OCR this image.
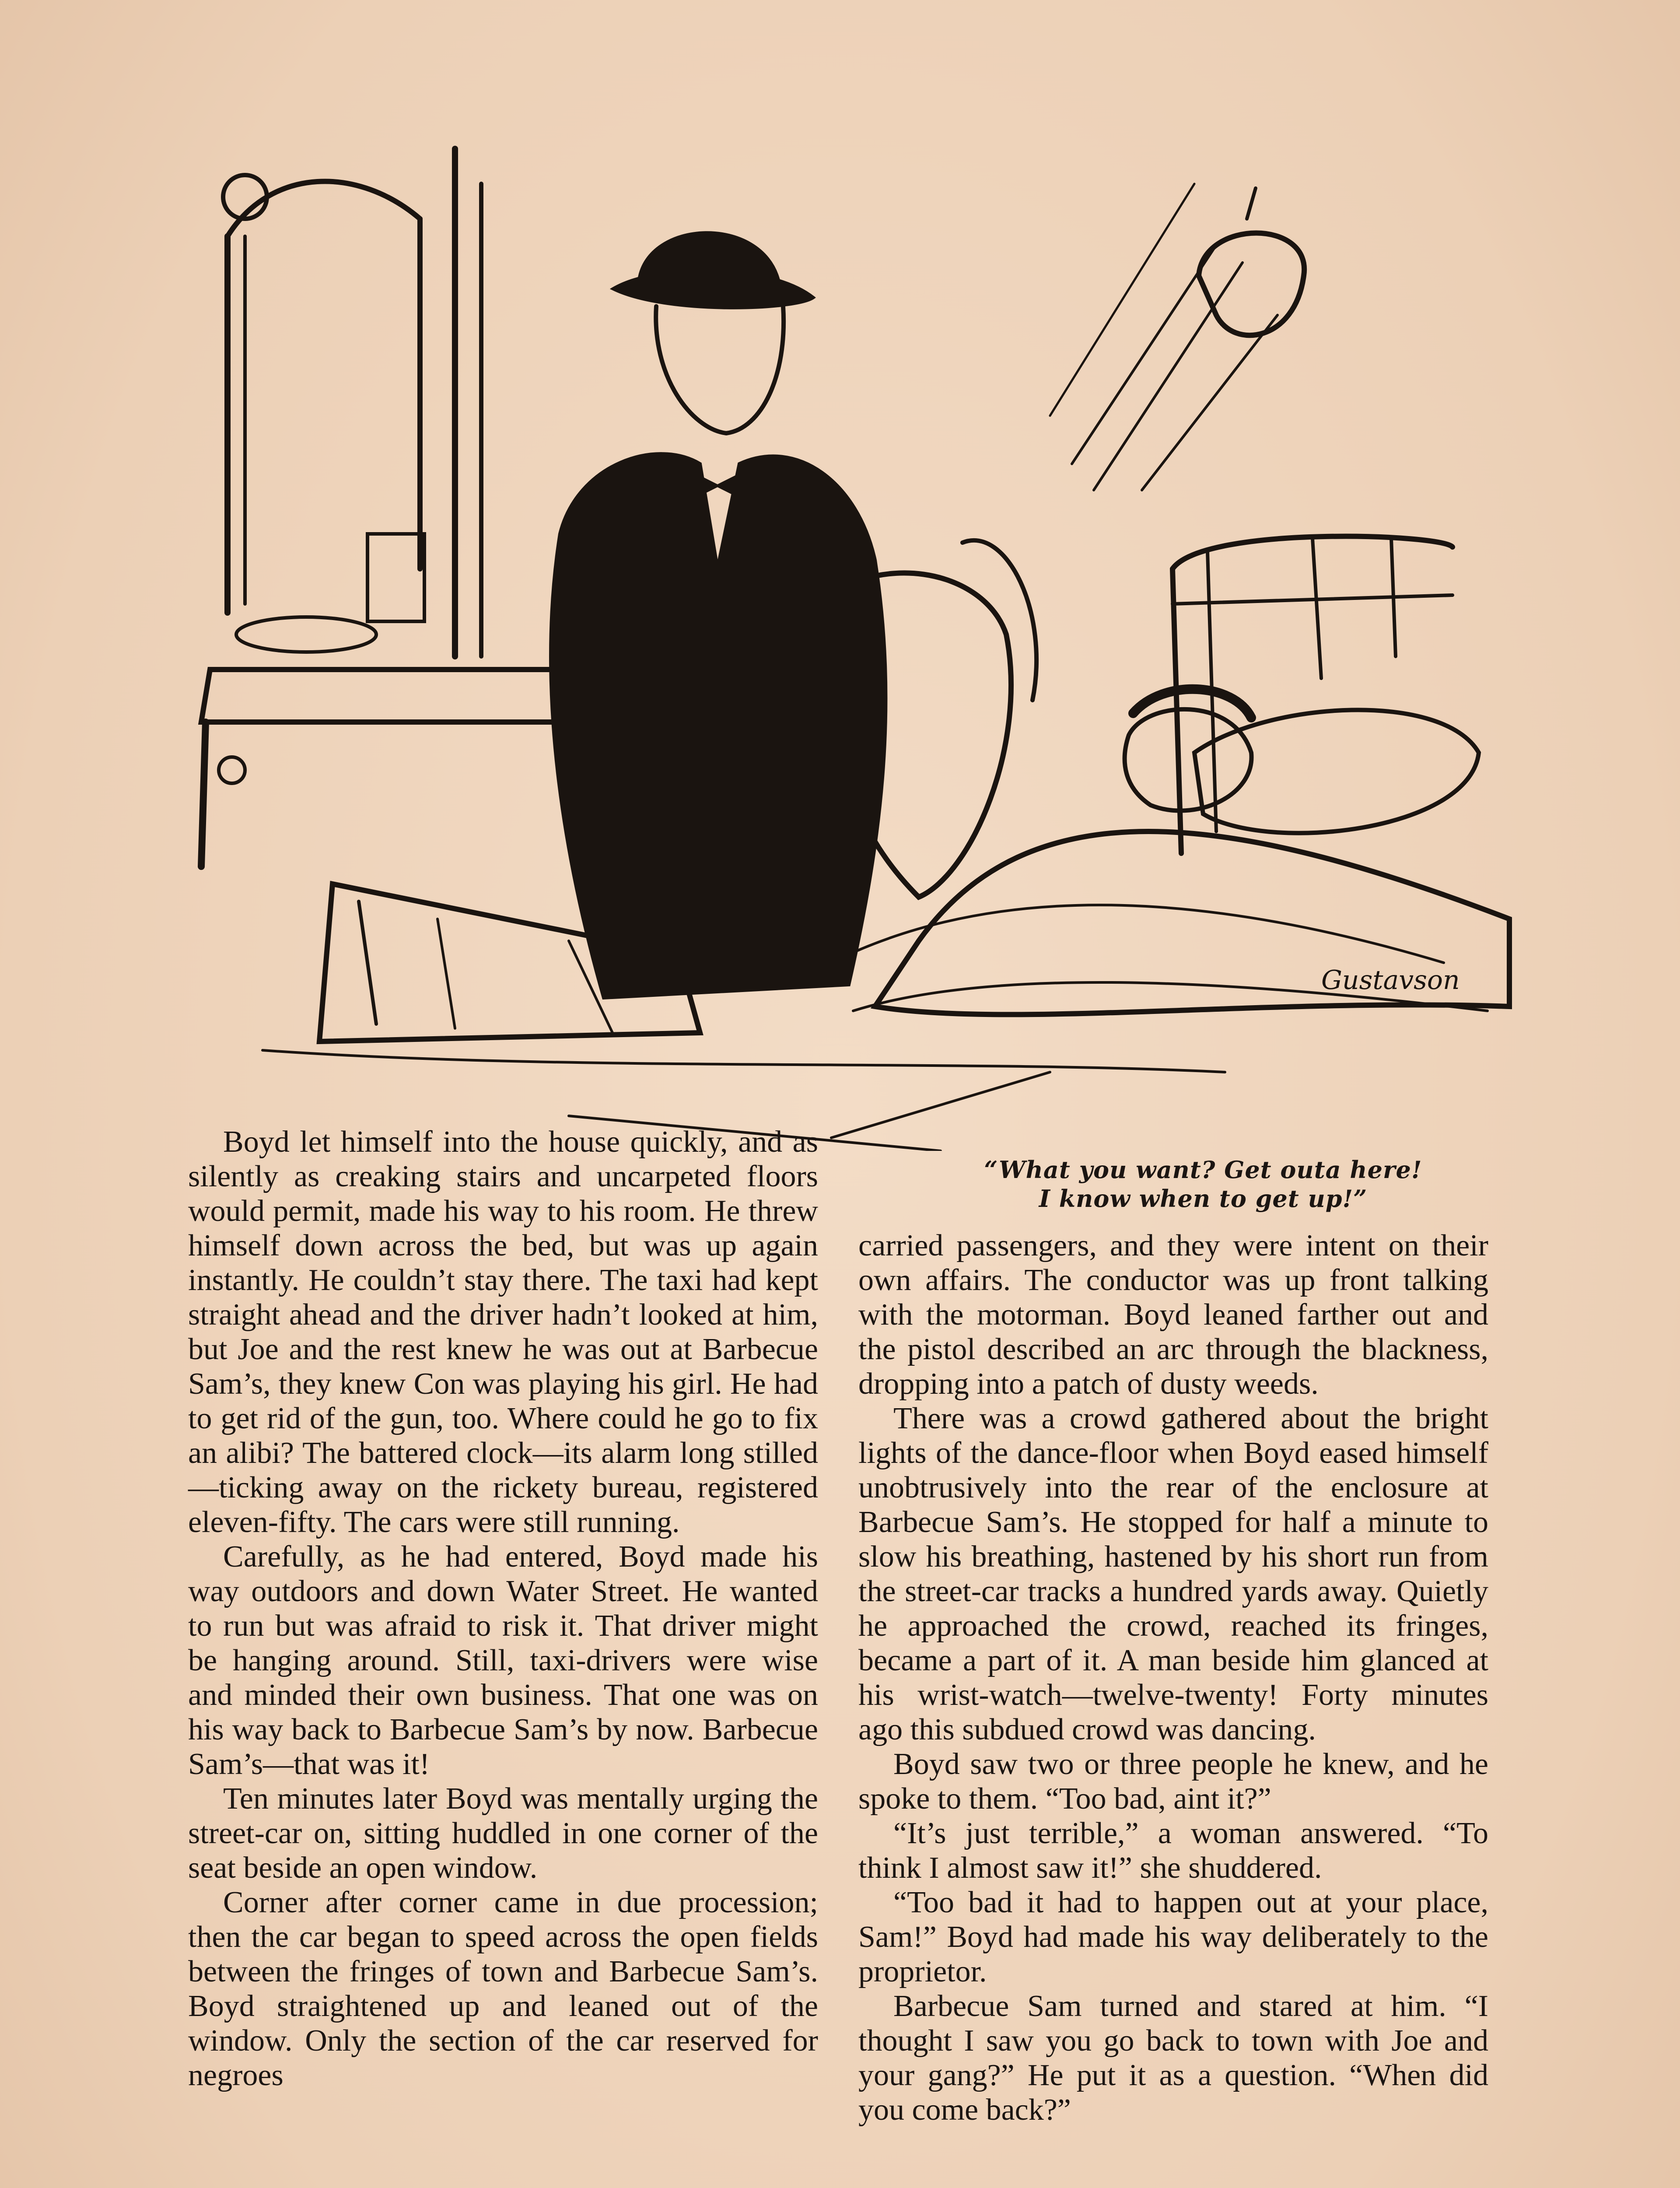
Gustavson
“What you want? Get outa here!
I know when to get up!”

Boyd let himself into the house quickly, and as silently as creaking stairs and uncarpeted floors would permit, made his way to his room. He threw himself down across the bed, but was up again instantly. He couldn’t stay there. The taxi had kept straight ahead and the driver hadn’t looked at him, but Joe and the rest knew he was out at Barbecue Sam’s, they knew Con was playing his girl. He had to get rid of the gun, too. Where could he go to fix an alibi? The battered clock—its alarm long stilled—ticking away on the rickety bureau, registered eleven-fifty. The cars were still running.

Carefully, as he had entered, Boyd made his way outdoors and down Water Street. He wanted to run but was afraid to risk it. That driver might be hanging around. Still, taxi-drivers were wise and minded their own business. That one was on his way back to Barbecue Sam’s by now. Barbecue Sam’s—that was it!

Ten minutes later Boyd was mentally urging the street-car on, sitting huddled in one corner of the seat beside an open window.

Corner after corner came in due procession; then the car began to speed across the open fields between the fringes of town and Barbecue Sam’s. Boyd straightened up and leaned out of the window. Only the section of the car reserved for negroes

carried passengers, and they were intent on their own affairs. The conductor was up front talking with the motorman. Boyd leaned farther out and the pistol described an arc through the blackness, dropping into a patch of dusty weeds.

There was a crowd gathered about the bright lights of the dance-floor when Boyd eased himself unobtrusively into the rear of the enclosure at Barbecue Sam’s. He stopped for half a minute to slow his breathing, hastened by his short run from the street-car tracks a hundred yards away. Quietly he approached the crowd, reached its fringes, became a part of it. A man beside him glanced at his wrist-watch—twelve-twenty! Forty minutes ago this subdued crowd was dancing.

Boyd saw two or three people he knew, and he spoke to them. “Too bad, aint it?”

“It’s just terrible,” a woman answered. “To think I almost saw it!” she shuddered.

“Too bad it had to happen out at your place, Sam!” Boyd had made his way deliberately to the proprietor.

Barbecue Sam turned and stared at him. “I thought I saw you go back to town with Joe and your gang?” He put it as a question. “When did you come back?”
